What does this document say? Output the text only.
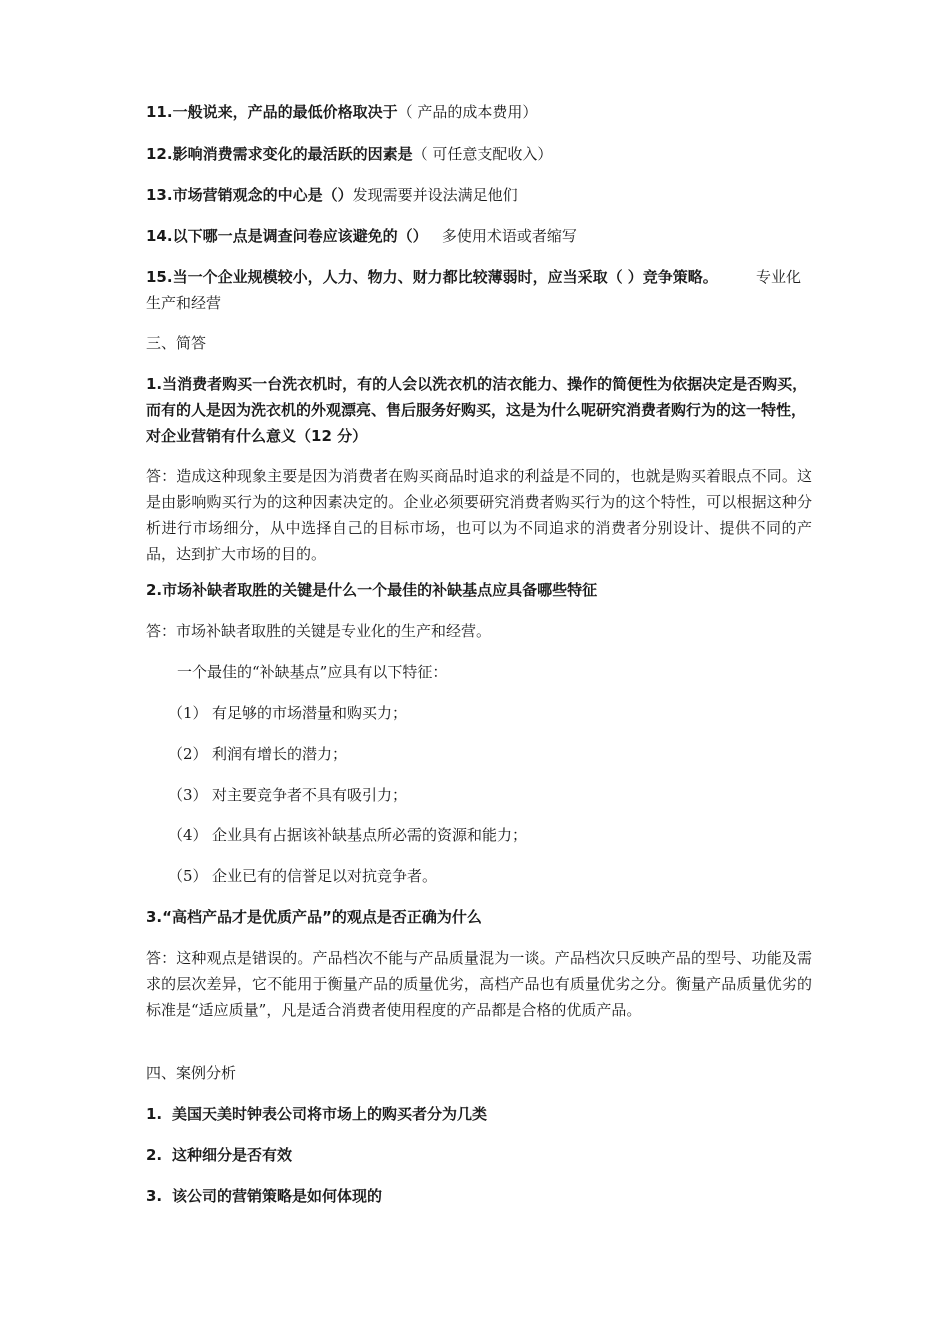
11.一般说来，产品的最低价格取决于（ 产品的成本费用）

12.影响消费需求变化的最活跃的因素是（ 可任意支配收入）

13.市场营销观念的中心是（）发现需要并设法满足他们

14.以下哪一点是调查问卷应该避免的（）   多使用术语或者缩写

15.当一个企业规模较小，人力、物力、财力都比较薄弱时，应当采取（ ）竞争策略。        专业化生产和经营

三、简答

1.当消费者购买一台洗衣机时，有的人会以洗衣机的洁衣能力、操作的简便性为依据决定是否购买，而有的人是因为洗衣机的外观漂亮、售后服务好购买，这是为什么呢研究消费者购行为的这一特性，对企业营销有什么意义（12 分）

答：造成这种现象主要是因为消费者在购买商品时追求的利益是不同的，也就是购买着眼点不同。这是由影响购买行为的这种因素决定的。企业必须要研究消费者购买行为的这个特性，可以根据这种分析进行市场细分，从中选择自己的目标市场，也可以为不同追求的消费者分别设计、提供不同的产品，达到扩大市场的目的。

2.市场补缺者取胜的关键是什么一个最佳的补缺基点应具备哪些特征

答：市场补缺者取胜的关键是专业化的生产和经营。

一个最佳的“补缺基点”应具有以下特征：

（1） 有足够的市场潜量和购买力；
（2） 利润有增长的潜力；
（3） 对主要竞争者不具有吸引力；
（4） 企业具有占据该补缺基点所必需的资源和能力；
（5） 企业已有的信誉足以对抗竞争者。

3.“高档产品才是优质产品”的观点是否正确为什么

答：这种观点是错误的。产品档次不能与产品质量混为一谈。产品档次只反映产品的型号、功能及需求的层次差异，它不能用于衡量产品的质量优劣，高档产品也有质量优劣之分。衡量产品质量优劣的标准是“适应质量”，凡是适合消费者使用程度的产品都是合格的优质产品。

四、案例分析

1. 美国天美时钟表公司将市场上的购买者分为几类
2. 这种细分是否有效
3. 该公司的营销策略是如何体现的
